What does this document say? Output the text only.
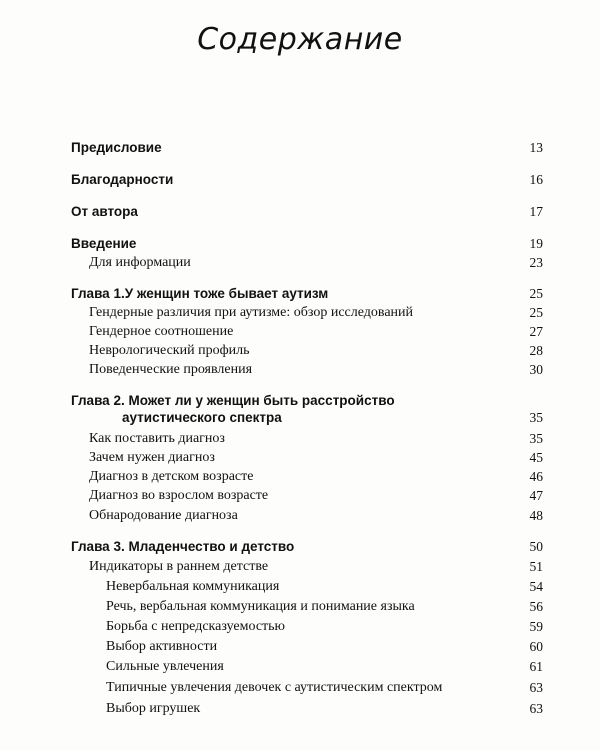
Содержание
Предисловие	13
Благодарности	16
От автора	17
Введение	19
Для информации	23
Глава 1.У женщин тоже бывает аутизм	25
Гендерные различия при аутизме: обзор исследований	25
Гендерное соотношение	27
Неврологический профиль	28
Поведенческие проявления	30
Глава 2. Может ли у женщин быть расстройство
аутистического спектра	35
Как поставить диагноз	35
Зачем нужен диагноз	45
Диагноз в детском возрасте	46
Диагноз во взрослом возрасте	47
Обнародование диагноза	48
Глава 3. Младенчество и детство	50
Индикаторы в раннем детстве	51
Невербальная коммуникация	54
Речь, вербальная коммуникация и понимание языка	56
Борьба с непредсказуемостью	59
Выбор активности	60
Сильные увлечения	61
Типичные увлечения девочек с аутистическим спектром	63
Выбор игрушек	63
